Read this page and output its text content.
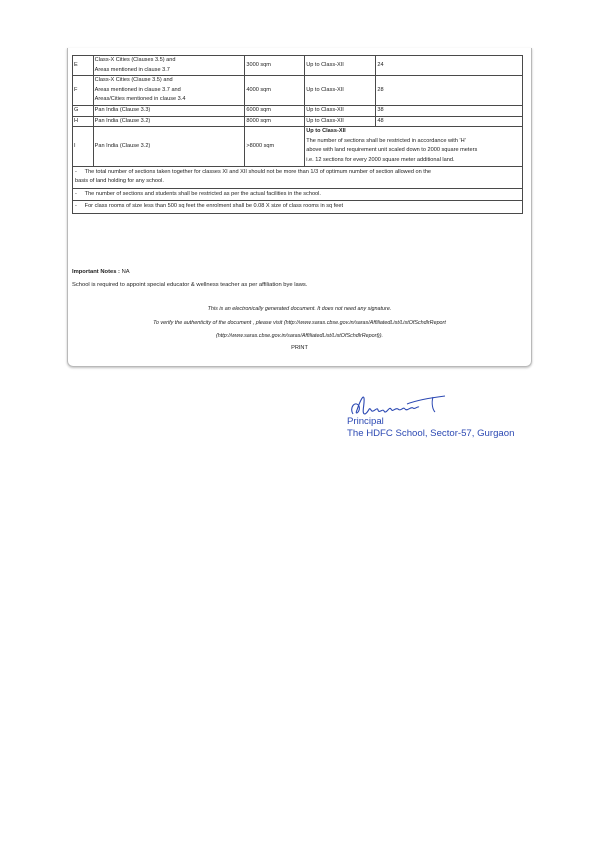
E	Class-X Cities (Clauses 3.5) and
Areas mentioned in clause 3.7	3000 sqm	Up to Class-XII	24
F	Class-X Cities (Clause 3.5) and
Areas mentioned in clause 3.7 and
Areas/Cities mentioned in clause 3.4	4000 sqm	Up to Class-XII	28
G	Pan India (Clause 3.3)	6000 sqm	Up to Class-XII	38
H	Pan India (Clause 3.2)	8000 sqm	Up to Class-XII	48
I	Pan India (Clause 3.2)	>8000 sqm	Up to Class-XII
The number of sections shall be restricted in accordance with 'H'
above with land requirement unit scaled down to 2000 square meters
i.e. 12 sections for every 2000 square meter additional land.	

- The total number of sections taken together for classes XI and XII should not be more than 1/3 of optimum number of section allowed on the
basis of land holding for any school.				

- The number of sections and students shall be restricted as per the actual facilities in the school.				
- For class rooms of size less than 500 sq feet the enrolment shall be 0.08 X size of class rooms in sq feet				
Important Notes : NA
School is required to appoint special educator & wellness teacher as per affiliation bye laws.
This is an electronically generated document. It does not need any signature.
To verify the authenticity of the document , please visit (http://www.saras.cbse.gov.in/saras/AffiliatedList/ListOfSchdlrReport
(http://www.saras.cbse.gov.in/saras/AffiliatedList/ListOfSchdlrReport)).
PRINT
Principal
The HDFC School, Sector-57, Gurgaon
